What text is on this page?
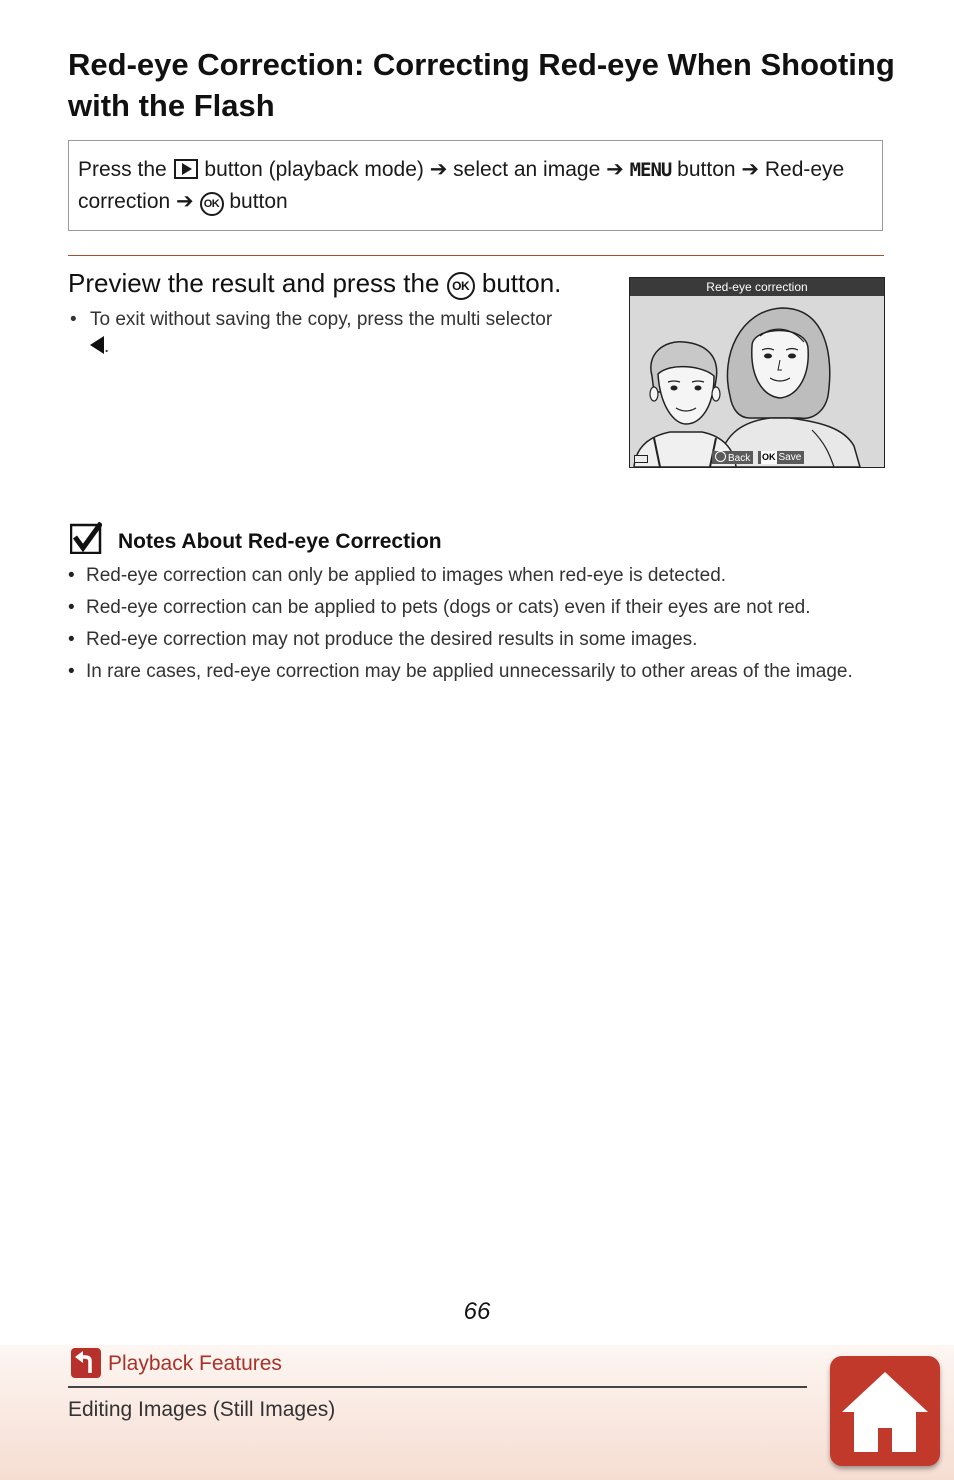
Red-eye Correction: Correcting Red-eye When Shooting with the Flash
Press the button (playback mode) ➔ select an image ➔ MENU button ➔ Red-eye correction ➔ OK button
Preview the result and press the OK button.
• To exit without saving the copy, press the multi selector
.
Red-eye correction
Back	OK Save
Notes About Red-eye Correction
• Red-eye correction can only be applied to images when red-eye is detected.
• Red-eye correction can be applied to pets (dogs or cats) even if their eyes are not red.
• Red-eye correction may not produce the desired results in some images.
• In rare cases, red-eye correction may be applied unnecessarily to other areas of the image.
66
Playback Features
Editing Images (Still Images)
